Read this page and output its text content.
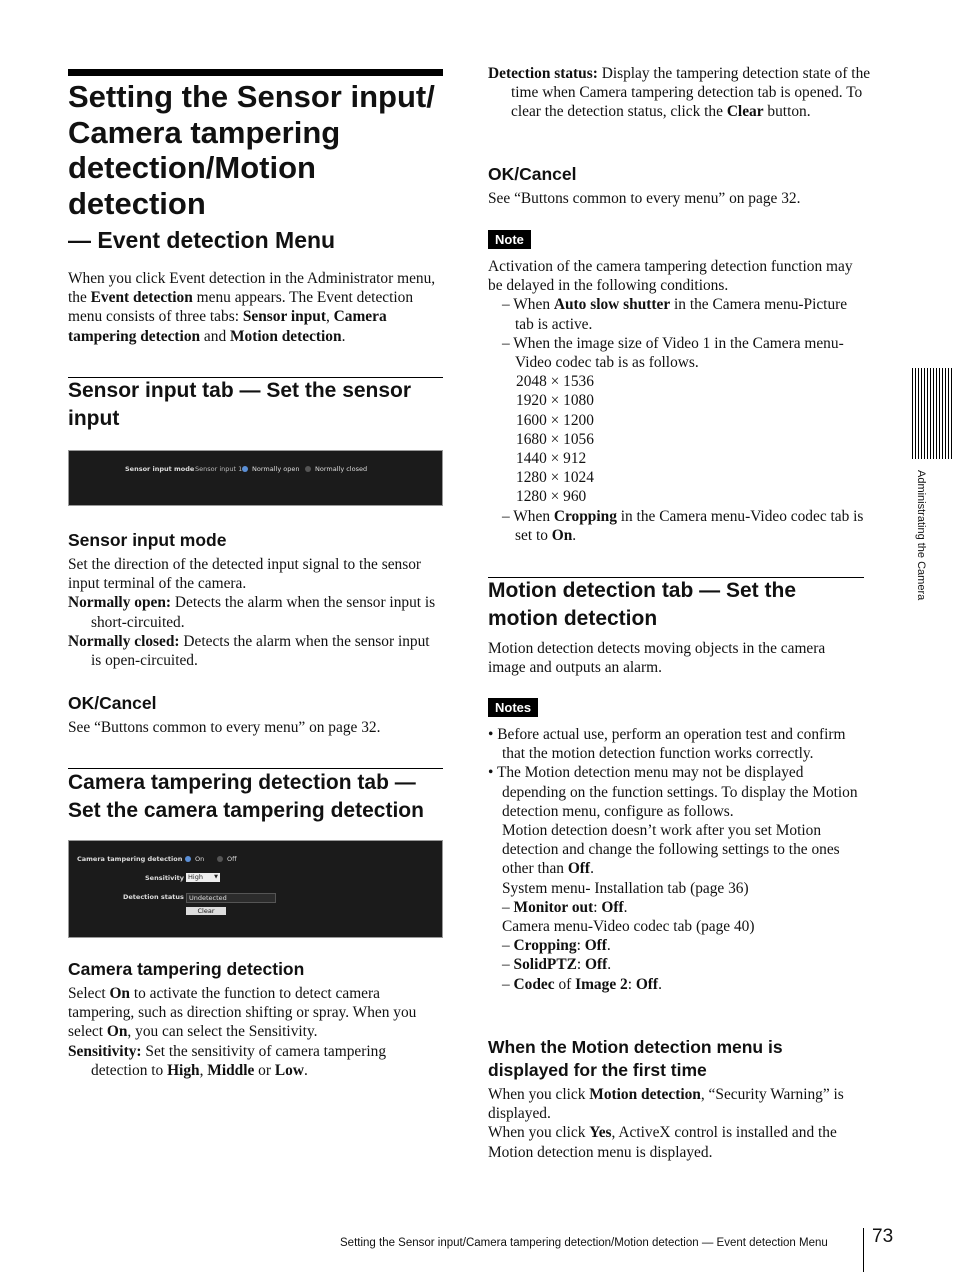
Setting the Sensor input/

Camera tampering

detection/Motion

detection

— Event detection Menu

When you click Event detection in the Administrator menu, the Event detection menu appears. The Event detection menu consists of three tabs: Sensor input, Camera tampering detection and Motion detection.

Sensor input tab — Set the sensor input

Sensor input mode Sensor input 1	Normally open	Normally closed

Sensor input mode

Set the direction of the detected input signal to the sensor input terminal of the camera.

Normally open: Detects the alarm when the sensor input is short-circuited.

Normally closed: Detects the alarm when the sensor input is open-circuited.

OK/Cancel

See “Buttons common to every menu” on page 32.

Camera tampering detection tab — Set the camera tampering detection

Camera tampering detection	On	Off
Sensitivity High ▼
Detection status Undetected
Clear

Camera tampering detection

Select On to activate the function to detect camera tampering, such as direction shifting or spray. When you select On, you can select the Sensitivity.

Sensitivity: Set the sensitivity of camera tampering detection to High, Middle or Low.

Detection status: Display the tampering detection state of the time when Camera tampering detection tab is opened. To clear the detection status, click the Clear button.

OK/Cancel

See “Buttons common to every menu” on page 32.

Note

Activation of the camera tampering detection function may be delayed in the following conditions.

– When Auto slow shutter in the Camera menu-Picture tab is active.

– When the image size of Video 1 in the Camera menu-Video codec tab is as follows.

2048 × 1536

1920 × 1080

1600 × 1200

1680 × 1056

1440 × 912

1280 × 1024

1280 × 960

– When Cropping in the Camera menu-Video codec tab is set to On.

Motion detection tab — Set the motion detection

Motion detection detects moving objects in the camera image and outputs an alarm.

Notes

• Before actual use, perform an operation test and confirm that the motion detection function works correctly.

• The Motion detection menu may not be displayed depending on the function settings. To display the Motion detection menu, configure as follows.

Motion detection doesn’t work after you set Motion detection and change the following settings to the ones other than Off.

System menu- Installation tab (page 36)

– Monitor out: Off.

Camera menu-Video codec tab (page 40)

– Cropping: Off.

– SolidPTZ: Off.

– Codec of Image 2: Off.

When the Motion detection menu is displayed for the first time

When you click Motion detection, “Security Warning” is displayed.

When you click Yes, ActiveX control is installed and the Motion detection menu is displayed.

Administrating the Camera
Setting the Sensor input/Camera tampering detection/Motion detection — Event detection Menu 73
